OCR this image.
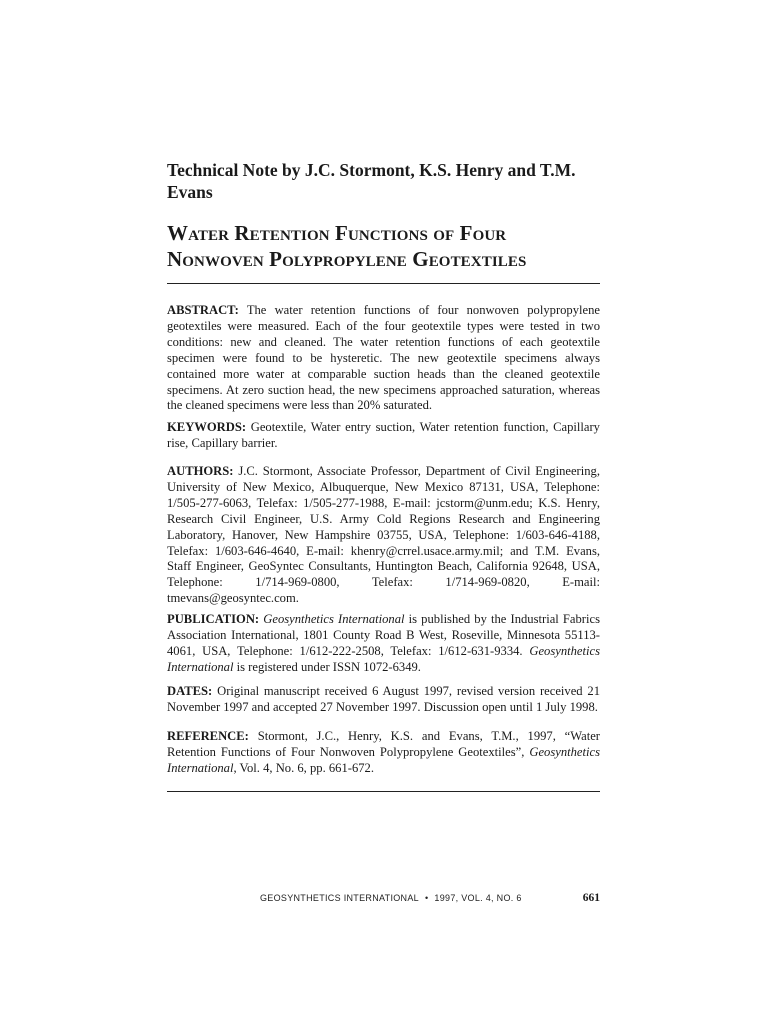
Technical Note by J.C. Stormont, K.S. Henry and T.M. Evans
Water Retention Functions of Four
Nonwoven Polypropylene Geotextiles

ABSTRACT: The water retention functions of four nonwoven polypropylene geotextiles were measured. Each of the four geotextile types were tested in two conditions: new and cleaned. The water retention functions of each geotextile specimen were found to be hysteretic. The new geotextile specimens always contained more water at comparable suction heads than the cleaned geotextile specimens. At zero suction head, the new specimens approached saturation, whereas the cleaned specimens were less than 20% saturated.

KEYWORDS: Geotextile, Water entry suction, Water retention function, Capillary rise, Capillary barrier.

AUTHORS: J.C. Stormont, Associate Professor, Department of Civil Engineering, University of New Mexico, Albuquerque, New Mexico 87131, USA, Telephone: 1/505-277-6063, Telefax: 1/505-277-1988, E-mail: jcstorm@unm.edu; K.S. Henry, Research Civil Engineer, U.S. Army Cold Regions Research and Engineering Laboratory, Hanover, New Hampshire 03755, USA, Telephone: 1/603-646-4188, Telefax: 1/603-646-4640, E-mail: khenry@crrel.usace.army.mil; and T.M. Evans, Staff Engineer, GeoSyntec Consultants, Huntington Beach, California 92648, USA, Telephone: 1/714-969-0800, Telefax: 1/714-969-0820, E-mail: tmevans@geosyntec.com.

PUBLICATION: Geosynthetics International is published by the Industrial Fabrics Association International, 1801 County Road B West, Roseville, Minnesota 55113-4061, USA, Telephone: 1/612-222-2508, Telefax: 1/612-631-9334. Geosynthetics International is registered under ISSN 1072-6349.

DATES: Original manuscript received 6 August 1997, revised version received 21 November 1997 and accepted 27 November 1997. Discussion open until 1 July 1998.

REFERENCE: Stormont, J.C., Henry, K.S. and Evans, T.M., 1997, “Water Retention Functions of Four Nonwoven Polypropylene Geotextiles”, Geosynthetics International, Vol. 4, No. 6, pp. 661-672.

GEOSYNTHETICS INTERNATIONAL • 1997, VOL. 4, NO. 6	661
